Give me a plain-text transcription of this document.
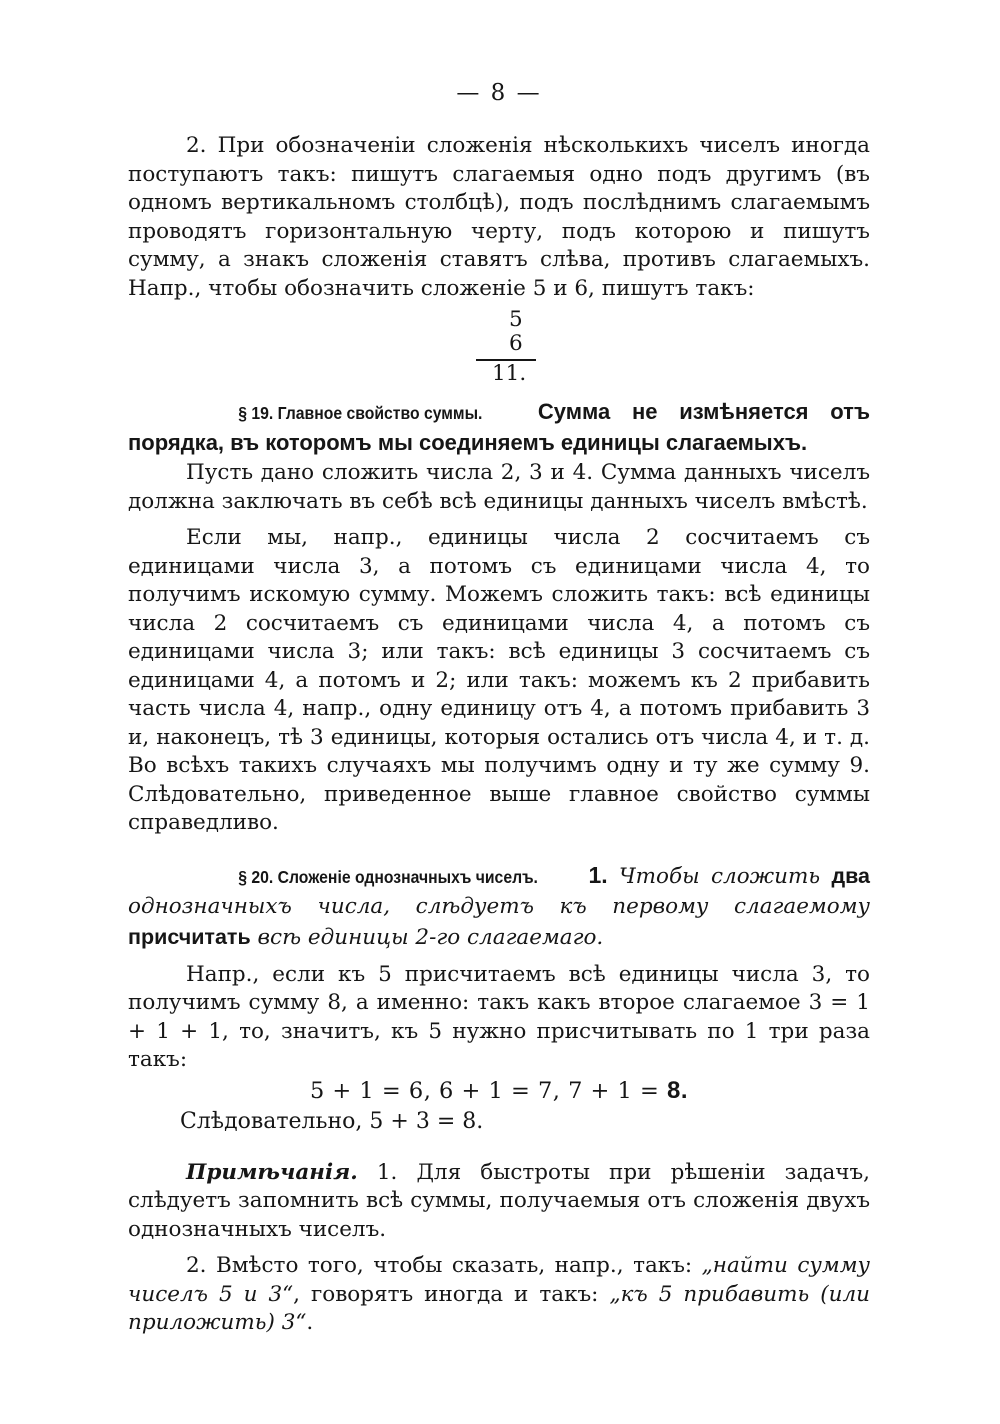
— 8 —

2. При обозначеніи сложенія нѣсколькихъ чиселъ иногда поступаютъ такъ: пишутъ слагаемыя одно подъ другимъ (въ одномъ вертикальномъ столбцѣ), подъ послѣднимъ слагаемымъ проводятъ горизонтальную черту, подъ которою и пишутъ сумму, а знакъ сложенія ставятъ слѣва, противъ слагаемыхъ. Напр., чтобы обозначить сложеніе 5 и 6, пишутъ такъ:

5
6
11.

§ 19. Главное свойство суммы.	Сумма не измѣняется отъ порядка, въ которомъ мы соединяемъ единицы слагаемыхъ.

Пусть дано сложить числа 2, 3 и 4. Сумма данныхъ чиселъ должна заключать въ себѣ всѣ единицы данныхъ чиселъ вмѣстѣ.

Если мы, напр., единицы числа 2 сосчитаемъ съ единицами числа 3, а потомъ съ единицами числа 4, то получимъ искомую сумму. Можемъ сложить такъ: всѣ единицы числа 2 сосчитаемъ съ единицами числа 4, а потомъ съ единицами числа 3; или такъ: всѣ единицы 3 сосчитаемъ съ единицами 4, а потомъ и 2; или такъ: можемъ къ 2 прибавить часть числа 4, напр., одну единицу отъ 4, а потомъ прибавить 3 и, наконецъ, тѣ 3 единицы, которыя остались отъ числа 4, и т. д. Во всѣхъ такихъ случаяхъ мы получимъ одну и ту же сумму 9. Слѣдовательно, приведенное выше главное свойство суммы справедливо.

§ 20. Сложеніе однозначныхъ чиселъ. 1. Чтобы сложить два однозначныхъ числа, слѣдуетъ къ первому слагаемому присчитать всѣ единицы 2-го слагаемаго.

Напр., если къ 5 присчитаемъ всѣ единицы числа 3, то получимъ сумму 8, а именно: такъ какъ второе слагаемое 3 = 1 + 1 + 1, то, значитъ, къ 5 нужно присчитывать по 1 три раза такъ:

5 + 1 = 6, 6 + 1 = 7, 7 + 1 = 8.
Слѣдовательно, 5 + 3 = 8.

Примѣчанія. 1. Для быстроты при рѣшеніи задачъ, слѣдуетъ запомнить всѣ суммы, получаемыя отъ сложенія двухъ однозначныхъ чиселъ.

2. Вмѣсто того, чтобы сказать, напр., такъ: „найти сумму чиселъ 5 и 3“, говорятъ иногда и такъ: „къ 5 прибавить (или приложить) 3“.
